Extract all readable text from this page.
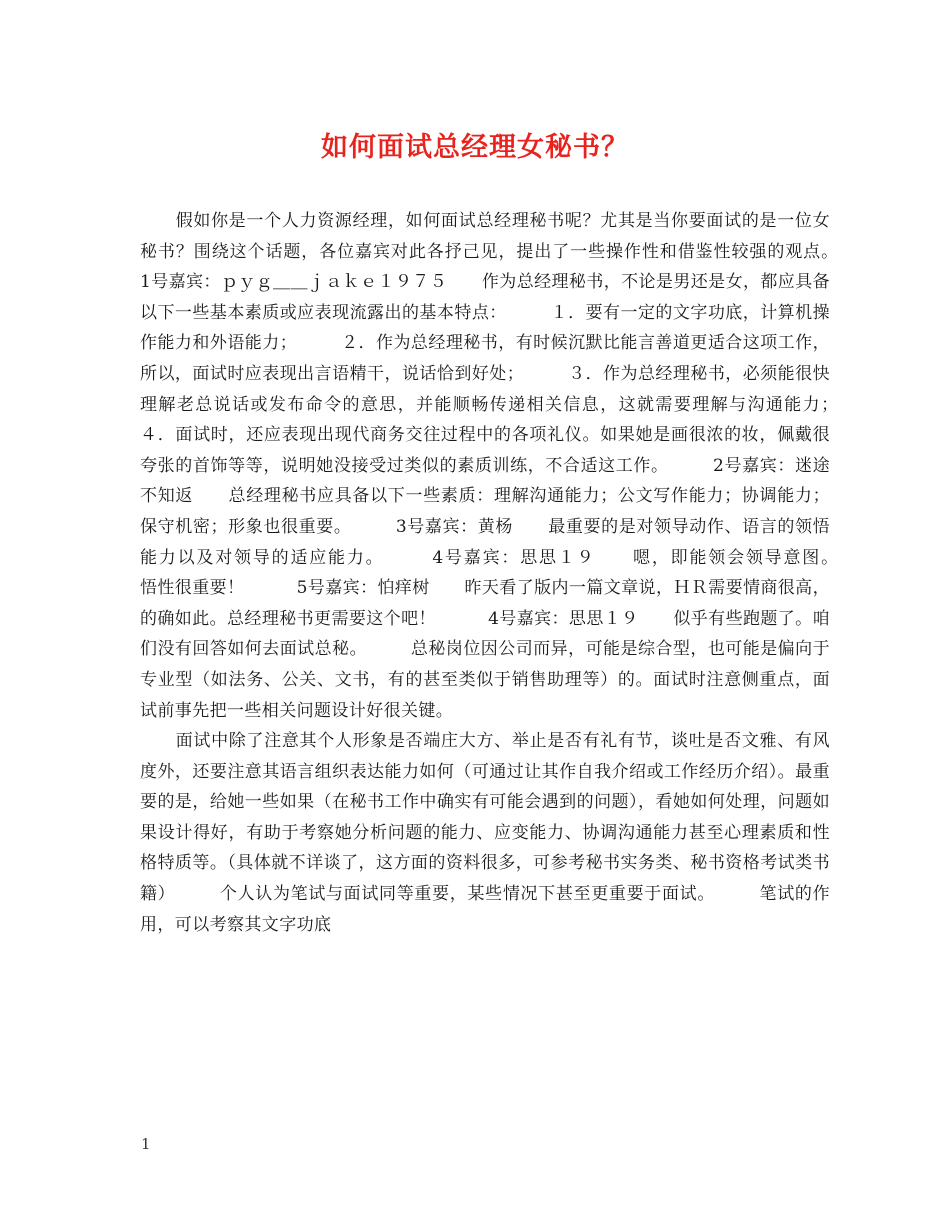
如何面试总经理女秘书？

假如你是一个人力资源经理，如何面试总经理秘书呢？尤其是当你要面试的是一位女秘书？围绕这个话题，各位嘉宾对此各抒己见，提出了一些操作性和借鉴性较强的观点。　　　1号嘉宾：ｐｙｇ＿＿ｊａｋｅ１９７５　　作为总经理秘书，不论是男还是女，都应具备以下一些基本素质或应表现流露出的基本特点：　　　１．要有一定的文字功底，计算机操作能力和外语能力；　　　２．作为总经理秘书，有时候沉默比能言善道更适合这项工作，所以，面试时应表现出言语精干，说话恰到好处；　　　３．作为总经理秘书，必须能很快理解老总说话或发布命令的意思，并能顺畅传递相关信息，这就需要理解与沟通能力；　　　４．面试时，还应表现出现代商务交往过程中的各项礼仪。如果她是画很浓的妆，佩戴很夸张的首饰等等，说明她没接受过类似的素质训练，不合适这工作。　　　2号嘉宾：迷途不知返　　总经理秘书应具备以下一些素质：理解沟通能力；公文写作能力；协调能力；保守机密；形象也很重要。　　　3号嘉宾：黄杨　　最重要的是对领导动作、语言的领悟能力以及对领导的适应能力。　　　4号嘉宾：思思１９　　嗯，即能领会领导意图。　　　悟性很重要！　　　5号嘉宾：怕痒树　　昨天看了版内一篇文章说，ＨＲ需要情商很高，的确如此。总经理秘书更需要这个吧！　　　4号嘉宾：思思１９　　似乎有些跑题了。咱们没有回答如何去面试总秘。　　　总秘岗位因公司而异，可能是综合型，也可能是偏向于专业型（如法务、公关、文书，有的甚至类似于销售助理等）的。面试时注意侧重点，面试前事先把一些相关问题设计好很关键。

面试中除了注意其个人形象是否端庄大方、举止是否有礼有节，谈吐是否文雅、有风度外，还要注意其语言组织表达能力如何（可通过让其作自我介绍或工作经历介绍）。最重要的是，给她一些如果（在秘书工作中确实有可能会遇到的问题），看她如何处理，问题如果设计得好，有助于考察她分析问题的能力、应变能力、协调沟通能力甚至心理素质和性格特质等。（具体就不详谈了，这方面的资料很多，可参考秘书实务类、秘书资格考试类书籍）　　　个人认为笔试与面试同等重要，某些情况下甚至更重要于面试。　　　笔试的作用，可以考察其文字功底

1
